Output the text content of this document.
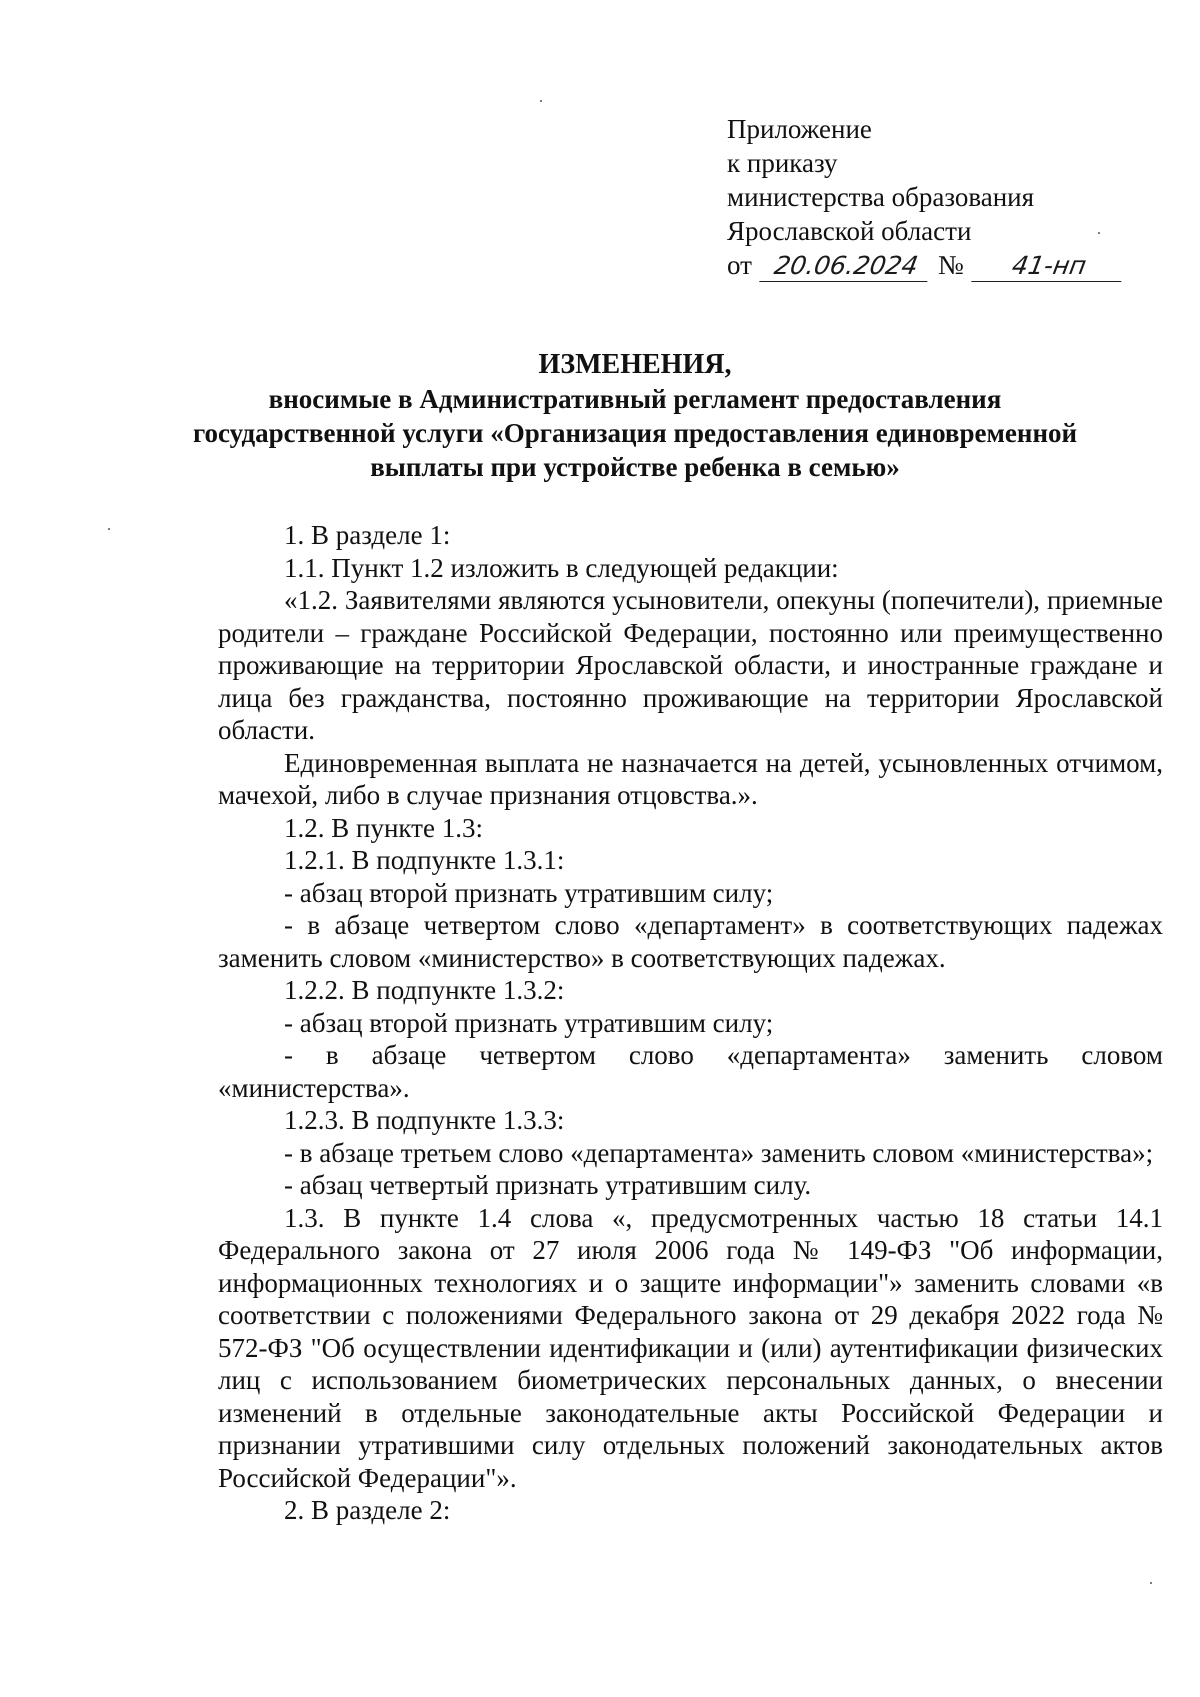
Приложение
к приказу
министерства образования
Ярославской области
от 20.06.2024 №	41-нп
ИЗМЕНЕНИЯ,
вносимые в Административный регламент предоставления
государственной услуги «Организация предоставления единовременной
выплаты при устройстве ребенка в семью»

1. В разделе 1:

1.1. Пункт 1.2 изложить в следующей редакции:

«1.2. Заявителями являются усыновители, опекуны (попечители), приемные родители – граждане Российской Федерации, постоянно или преимущественно проживающие на территории Ярославской области, и иностранные граждане и лица без гражданства, постоянно проживающие на территории Ярославской области.

Единовременная выплата не назначается на детей, усыновленных отчимом, мачехой, либо в случае признания отцовства.».

1.2. В пункте 1.3:

1.2.1. В подпункте 1.3.1:

- абзац второй признать утратившим силу;

- в абзаце четвертом слово «департамент» в соответствующих падежах заменить словом «министерство» в соответствующих падежах.

1.2.2. В подпункте 1.3.2:

- абзац второй признать утратившим силу;

- в абзаце четвертом слово «департамента» заменить словом «министерства».

1.2.3. В подпункте 1.3.3:

- в абзаце третьем слово «департамента» заменить словом «министерства»;

- абзац четвертый признать утратившим силу.

1.3. В пункте 1.4 слова «, предусмотренных частью 18 статьи 14.1 Федерального закона от 27 июля 2006 года № 149-ФЗ "Об информации, информационных технологиях и о защите информации"» заменить словами «в соответствии с положениями Федерального закона от 29 декабря 2022 года № 572-ФЗ "Об осуществлении идентификации и (или) аутентификации физических лиц с использованием биометрических персональных данных, о внесении изменений в отдельные законодательные акты Российской Федерации и признании утратившими силу отдельных положений законодательных актов Российской Федерации"».

2. В разделе 2:
